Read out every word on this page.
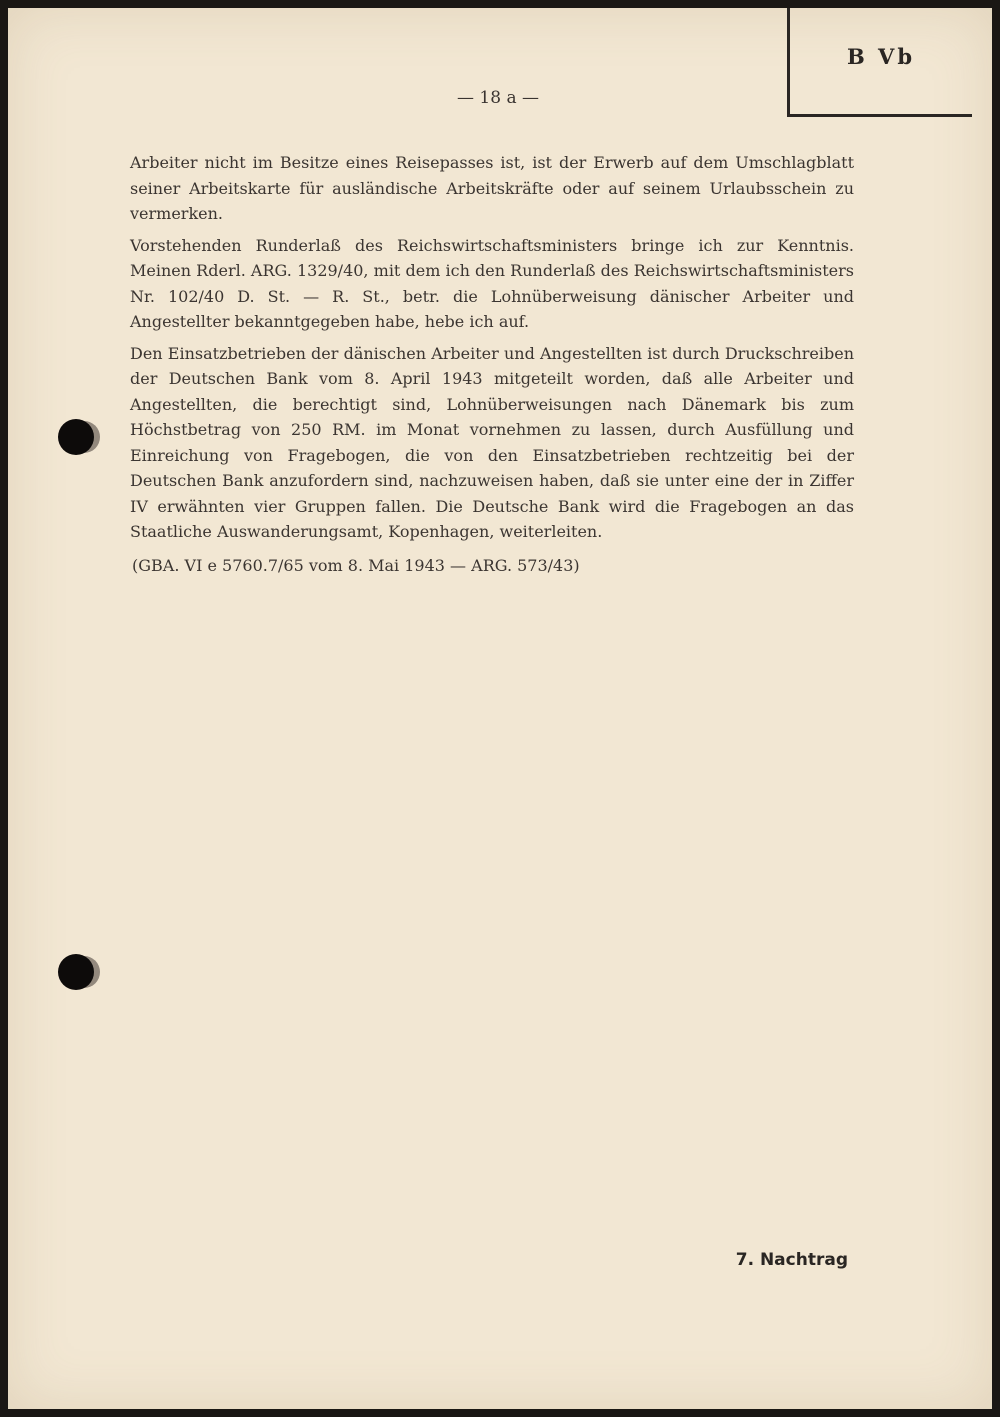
B Vb
— 18 a —

Arbeiter nicht im Besitze eines Reisepasses ist, ist der Erwerb auf dem Umschlagblatt seiner Arbeitskarte für ausländische Arbeitskräfte oder auf seinem Urlaubsschein zu vermerken.

Vorstehenden Runderlaß des Reichswirtschaftsministers bringe ich zur Kenntnis. Meinen Rderl. ARG. 1329/40, mit dem ich den Runderlaß des Reichswirtschaftsministers Nr. 102/40 D. St. — R. St., betr. die Lohnüberweisung dänischer Arbeiter und Angestellter bekanntgegeben habe, hebe ich auf.

Den Einsatzbetrieben der dänischen Arbeiter und Angestellten ist durch Druckschreiben der Deutschen Bank vom 8. April 1943 mitgeteilt worden, daß alle Arbeiter und Angestellten, die berechtigt sind, Lohnüberweisungen nach Dänemark bis zum Höchstbetrag von 250 RM. im Monat vornehmen zu lassen, durch Ausfüllung und Einreichung von Fragebogen, die von den Einsatzbetrieben rechtzeitig bei der Deutschen Bank anzufordern sind, nachzuweisen haben, daß sie unter eine der in Ziffer IV erwähnten vier Gruppen fallen. Die Deutsche Bank wird die Fragebogen an das Staatliche Auswanderungsamt, Kopenhagen, weiterleiten.

(GBA. VI e 5760.7/65 vom 8. Mai 1943 — ARG. 573/43)

7. Nachtrag
